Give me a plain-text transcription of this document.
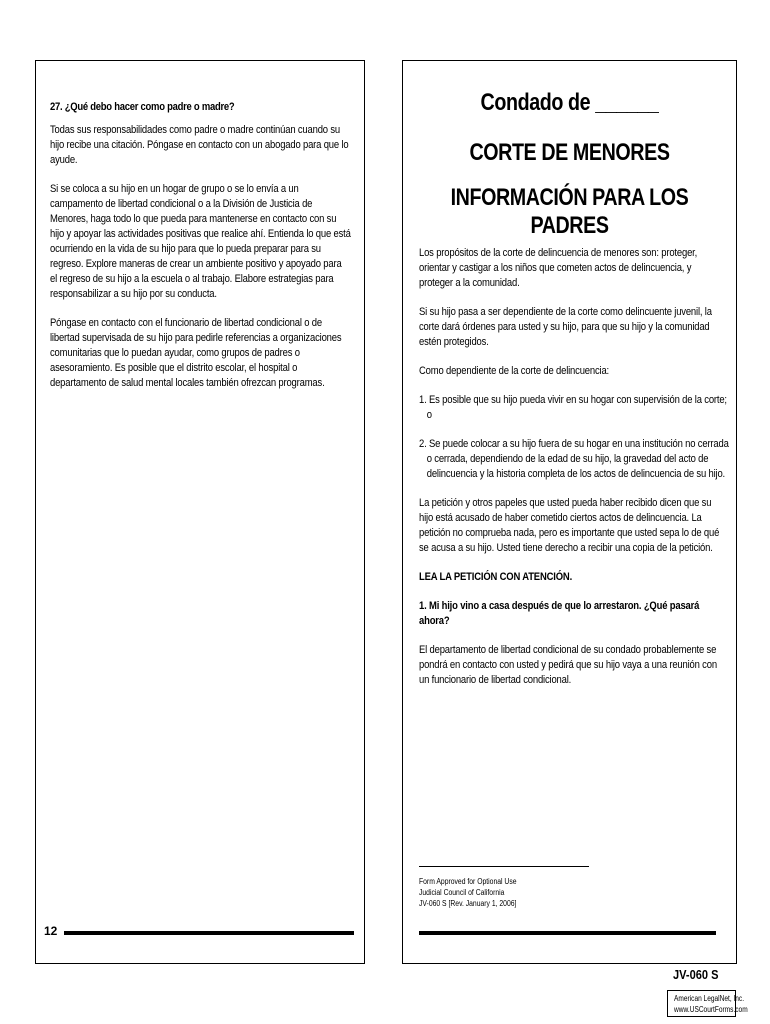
27. ¿Qué debo hacer como padre o madre?

Todas sus responsabilidades como padre o madre continúan cuando su hijo recibe una citación. Póngase en contacto con un abogado para que lo ayude.

Si se coloca a su hijo en un hogar de grupo o se lo envía a un campamento de libertad condicional o a la División de Justicia de Menores, haga todo lo que pueda para mantenerse en contacto con su hijo y apoyar las actividades positivas que realice ahí. Entienda lo que está ocurriendo en la vida de su hijo para que lo pueda preparar para su regreso. Explore maneras de crear un ambiente positivo y apoyado para el regreso de su hijo a la escuela o al trabajo. Elabore estrategias para responsabilizar a su hijo por su conducta.

Póngase en contacto con el funcionario de libertad condicional o de libertad supervisada de su hijo para pedirle referencias a organizaciones comunitarias que lo puedan ayudar, como grupos de padres o asesoramiento. Es posible que el distrito escolar, el hospital o departamento de salud mental locales también ofrezcan programas.

12
Condado de ______
CORTE DE MENORES
INFORMACIÓN PARA LOS PADRES

Los propósitos de la corte de delincuencia de menores son: proteger, orientar y castigar a los niños que cometen actos de delincuencia, y proteger a la comunidad.

Si su hijo pasa a ser dependiente de la corte como delincuente juvenil, la corte dará órdenes para usted y su hijo, para que su hijo y la comunidad estén protegidos.

Como dependiente de la corte de delincuencia:

1. Es posible que su hijo pueda vivir en su hogar con supervisión de la corte; o

2. Se puede colocar a su hijo fuera de su hogar en una institución no cerrada o cerrada, dependiendo de la edad de su hijo, la gravedad del acto de delincuencia y la historia completa de los actos de delincuencia de su hijo.

La petición y otros papeles que usted pueda haber recibido dicen que su hijo está acusado de haber cometido ciertos actos de delincuencia. La petición no comprueba nada, pero es importante que usted sepa lo de qué se acusa a su hijo. Usted tiene derecho a recibir una copia de la petición.

LEA LA PETICIÓN CON ATENCIÓN.

1. Mi hijo vino a casa después de que lo arrestaron. ¿Qué pasará ahora?

El departamento de libertad condicional de su condado probablemente se pondrá en contacto con usted y pedirá que su hijo vaya a una reunión con un funcionario de libertad condicional.

Form Approved for Optional Use
Judicial Council of California
JV-060 S [Rev. January 1, 2006]
JV-060 S
American LegalNet, Inc.
www.USCourtForms.com
